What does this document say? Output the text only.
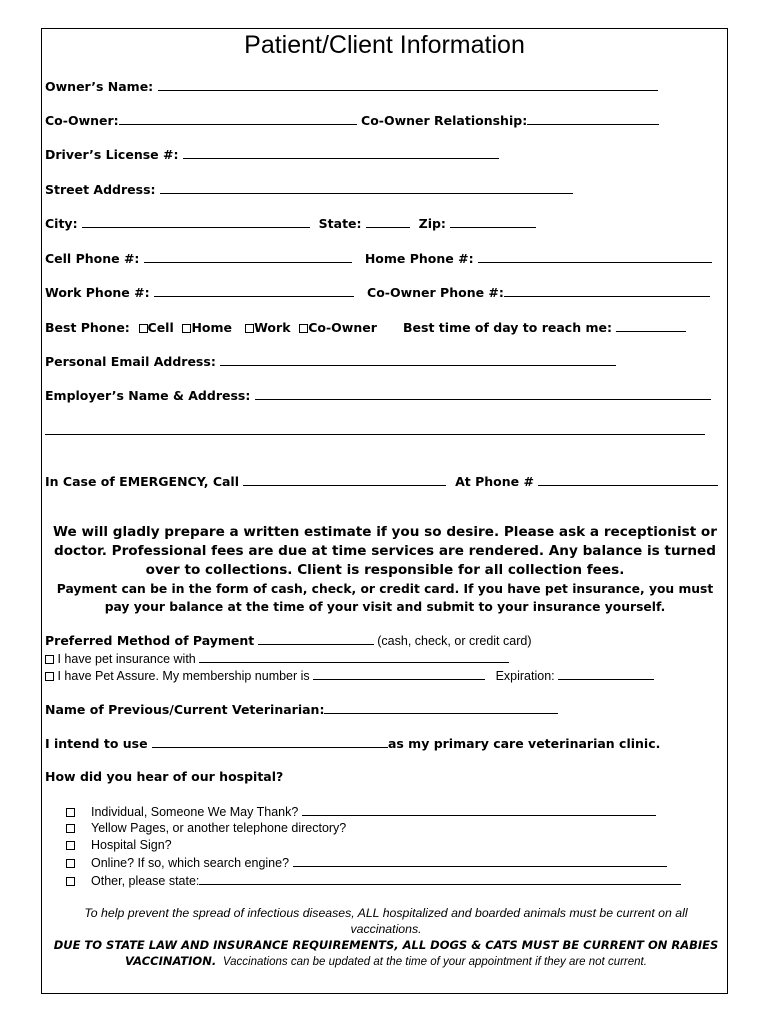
Patient/Client Information
Owner’s Name:
Co-Owner:	Co-Owner Relationship:
Driver’s License #:
Street Address:
City:	State:	Zip:
Cell Phone #:	Home Phone #:
Work Phone #:	Co-Owner Phone #:
Best Phone: Cell Home Work Co-Owner Best time of day to reach me:
Personal Email Address:
Employer’s Name & Address:
In Case of EMERGENCY, Call	At Phone #
We will gladly prepare a written estimate if you so desire. Please ask a receptionist or doctor. Professional fees are due at time services are rendered. Any balance is turned over to collections. Client is responsible for all collection fees.
Payment can be in the form of cash, check, or credit card. If you have pet insurance, you must pay your balance at the time of your visit and submit to your insurance yourself.
Preferred Method of Payment	(cash, check, or credit card)
I have pet insurance with
I have Pet Assure. My membership number is	Expiration:
Name of Previous/Current Veterinarian:
I intend to use	as my primary care veterinarian clinic.
How did you hear of our hospital?
Individual, Someone We May Thank?
Yellow Pages, or another telephone directory?
Hospital Sign?
Online? If so, which search engine?
Other, please state:
To help prevent the spread of infectious diseases, ALL hospitalized and boarded animals must be current on all
vaccinations.
DUE TO STATE LAW AND INSURANCE REQUIREMENTS, ALL DOGS & CATS MUST BE CURRENT ON RABIES
VACCINATION. Vaccinations can be updated at the time of your appointment if they are not current.
